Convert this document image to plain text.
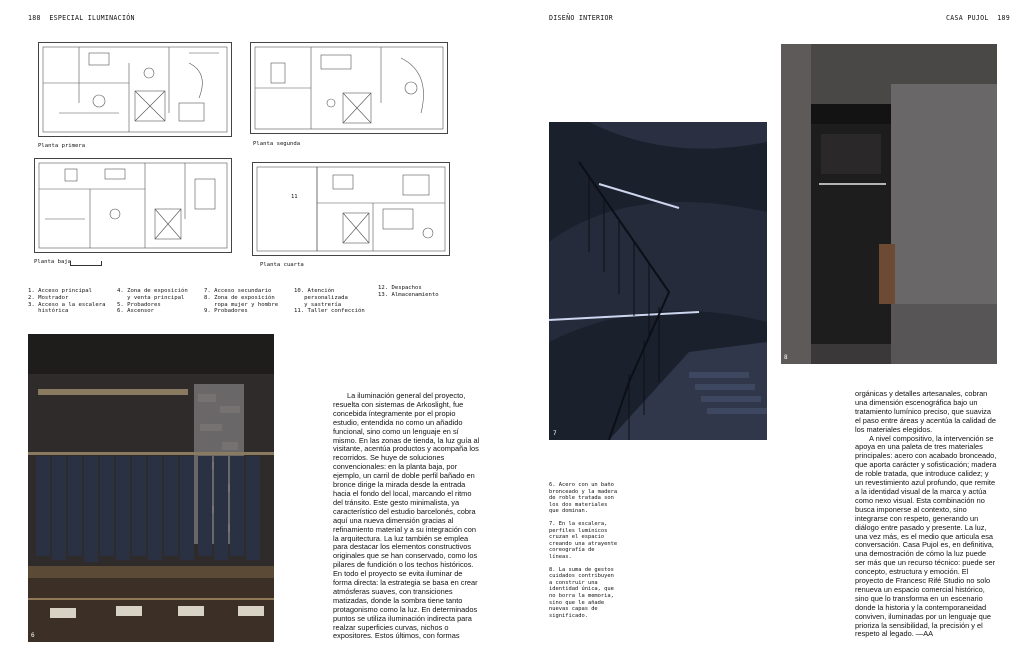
188 ESPECIAL ILUMINACIÓN	DISEÑO INTERIOR	CASA PUJOL 189
Planta primera	Planta segunda
Planta baja
11
Planta cuarta
1. Acceso principal
2. Mostrador
3. Acceso a la escalera
histórica
4. Zona de exposición
y venta principal
5. Probadores
6. Ascensor
7. Acceso secundario
8. Zona de exposición
ropa mujer y hombre
9. Probadores
10. Atención
personalizada
y sastrería
11. Taller confección
12. Despachos
13. Almacenamiento
6

La iluminación general del proyecto, resuelta con sistemas de Arkoslight, fue concebida íntegramente por el propio estudio, entendida no como un añadido funcional, sino como un lenguaje en sí mismo. En las zonas de tienda, la luz guía al visitante, acentúa productos y acompaña los recorridos. Se huye de soluciones convencionales: en la planta baja, por ejemplo, un carril de doble perfil bañado en bronce dirige la mirada desde la entrada hacia el fondo del local, marcando el ritmo del tránsito. Este gesto minimalista, ya característico del estudio barcelonés, cobra aquí una nueva dimensión gracias al refinamiento material y a su integración con la arquitectura. La luz también se emplea para destacar los elementos constructivos originales que se han conservado, como los pilares de fundición o los techos históricos. En todo el proyecto se evita iluminar de forma directa: la estrategia se basa en crear atmósferas suaves, con transiciones matizadas, donde la sombra tiene tanto protagonismo como la luz. En determinados puntos se utiliza iluminación indirecta para realzar superficies curvas, nichos o expositores. Estos últimos, con formas

7

6. Acero con un baño bronceado y la madera de roble tratada son los dos materiales que dominan.

7. En la escalera, perfiles lumínicos cruzan el espacio creando una atrayente coreografía de líneas.

8. La suma de gestos cuidados contribuyen a construir una identidad única, que no borra la memoria, sino que le añade nuevas capas de significado.

8

orgánicas y detalles artesanales, cobran una dimensión escenográfica bajo un tratamiento lumínico preciso, que suaviza el paso entre áreas y acentúa la calidad de los materiales elegidos.

A nivel compositivo, la intervención se apoya en una paleta de tres materiales principales: acero con acabado bronceado, que aporta carácter y sofisticación; madera de roble tratada, que introduce calidez; y un revestimiento azul profundo, que remite a la identidad visual de la marca y actúa como nexo visual. Esta combinación no busca imponerse al contexto, sino integrarse con respeto, generando un diálogo entre pasado y presente. La luz, una vez más, es el medio que articula esa conversación. Casa Pujol es, en definitiva, una demostración de cómo la luz puede ser más que un recurso técnico: puede ser concepto, estructura y emoción. El proyecto de Francesc Rifé Studio no solo renueva un espacio comercial histórico, sino que lo transforma en un escenario donde la historia y la contemporaneidad conviven, iluminadas por un lenguaje que prioriza la sensibilidad, la precisión y el respeto al legado. —AA
